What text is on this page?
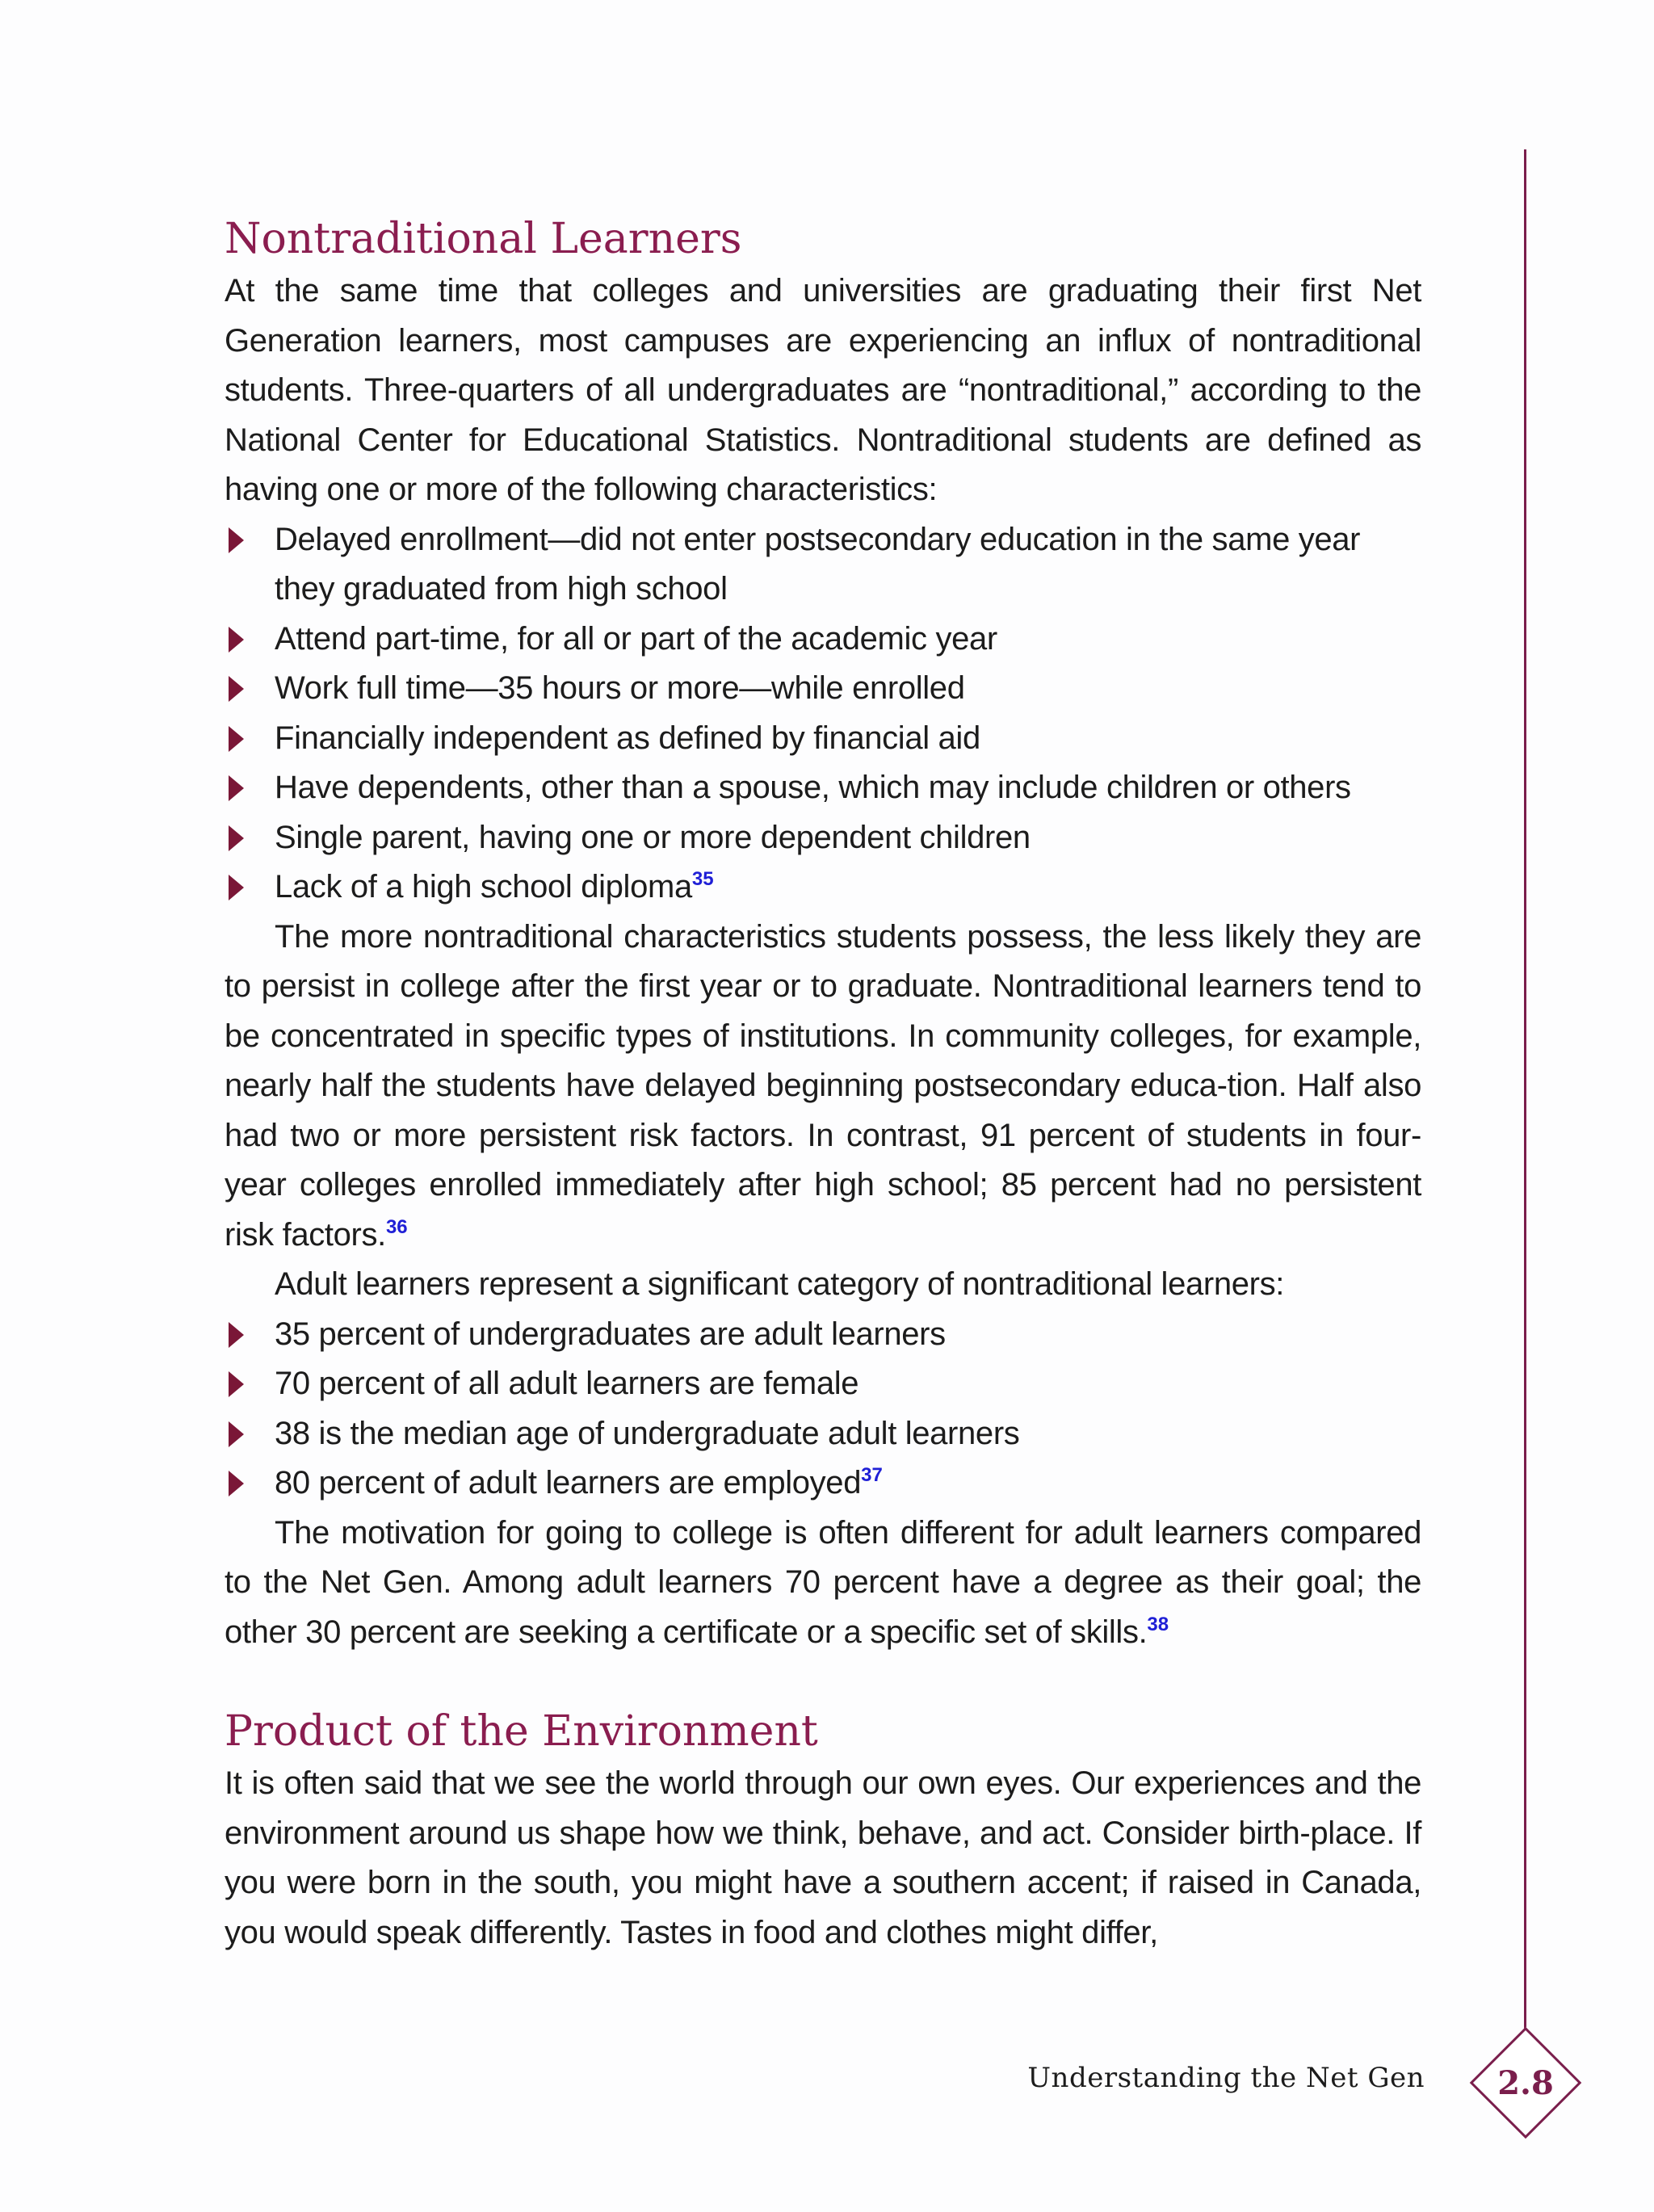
Nontraditional Learners

At the same time that colleges and universities are graduating their first Net Generation learners, most campuses are experiencing an influx of nontraditional students. Three-quarters of all undergraduates are “nontraditional,” according to the National Center for Educational Statistics. Nontraditional students are defined as having one or more of the following characteristics:

Delayed enrollment—did not enter postsecondary education in the same year they graduated from high school
Attend part-time, for all or part of the academic year
Work full time—35 hours or more—while enrolled
Financially independent as defined by financial aid
Have dependents, other than a spouse, which may include children or others
Single parent, having one or more dependent children
Lack of a high school diploma$^{35}$

The more nontraditional characteristics students possess, the less likely they are to persist in college after the first year or to graduate. Nontraditional learners tend to be concentrated in specific types of institutions. In community colleges, for example, nearly half the students have delayed beginning postsecondary educa-tion. Half also had two or more persistent risk factors. In contrast, 91 percent of students in four-year colleges enrolled immediately after high school; 85 percent had no persistent risk factors.$^{36}$

Adult learners represent a significant category of nontraditional learners:

35 percent of undergraduates are adult learners
70 percent of all adult learners are female
38 is the median age of undergraduate adult learners
80 percent of adult learners are employed$^{37}$

The motivation for going to college is often different for adult learners compared to the Net Gen. Among adult learners 70 percent have a degree as their goal; the other 30 percent are seeking a certificate or a specific set of skills.$^{38}$

Product of the Environment

It is often said that we see the world through our own eyes. Our experiences and the environment around us shape how we think, behave, and act. Consider birth-place. If you were born in the south, you might have a southern accent; if raised in Canada, you would speak differently. Tastes in food and clothes might differ,

Understanding the Net Gen	2.8
